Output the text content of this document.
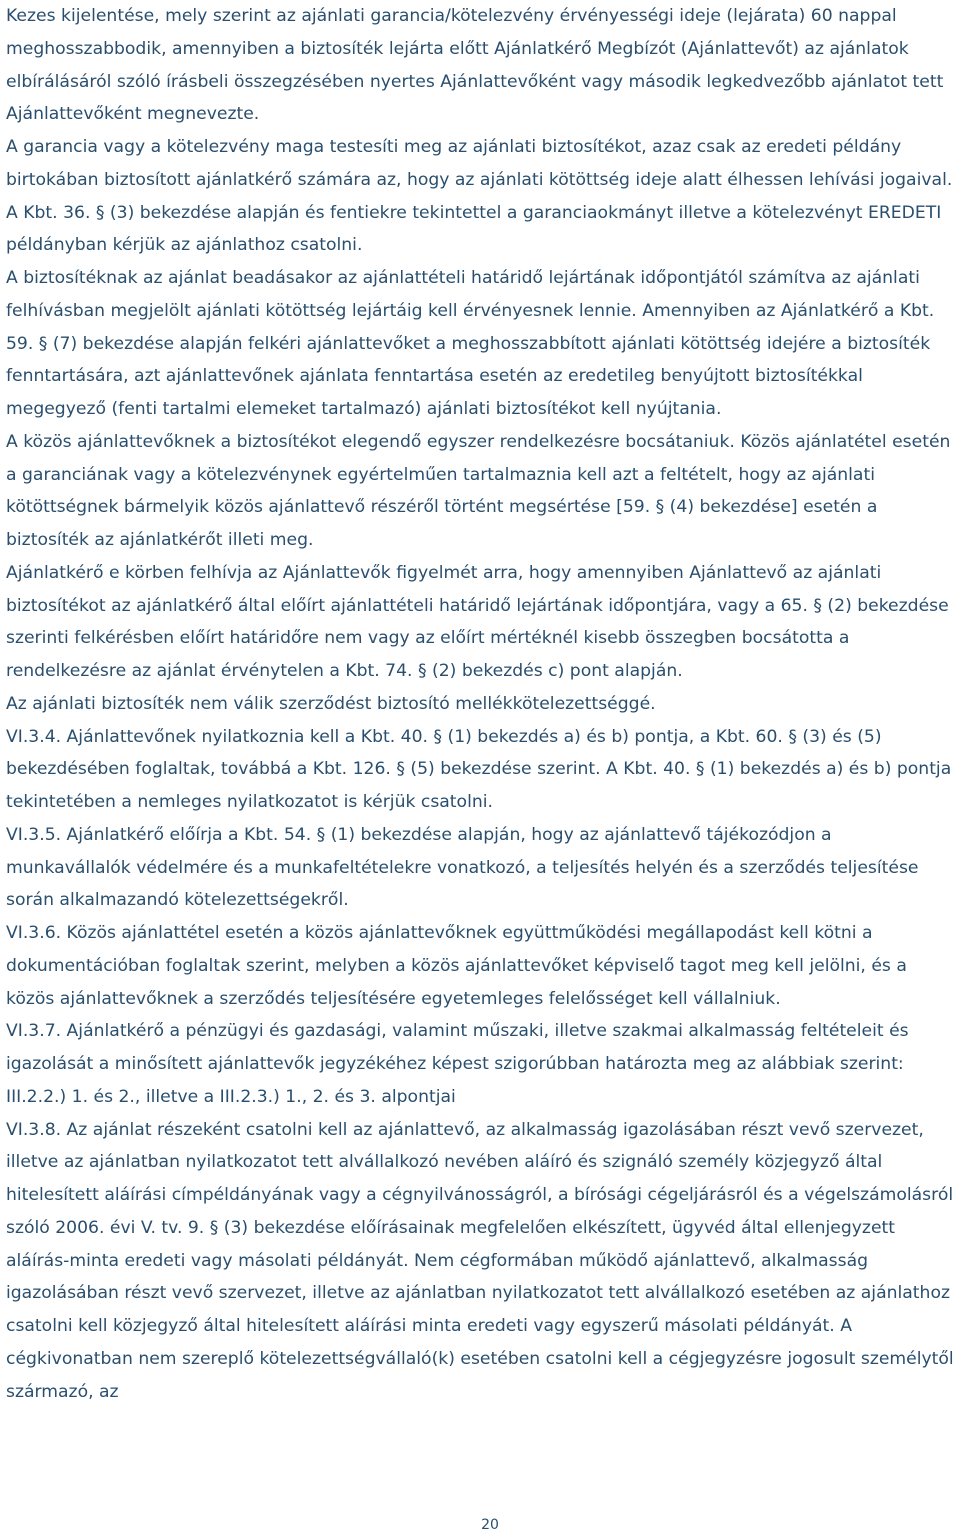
Kezes kijelentése, mely szerint az ajánlati garancia/kötelezvény érvényességi ideje (lejárata) 60 nappal meghosszabbodik, amennyiben a biztosíték lejárta előtt Ajánlatkérő Megbízót (Ajánlattevőt) az ajánlatok elbírálásáról szóló írásbeli összegzésében nyertes Ajánlattevőként vagy második legkedvezőbb ajánlatot tett Ajánlattevőként megnevezte.

A garancia vagy a kötelezvény maga testesíti meg az ajánlati biztosítékot, azaz csak az eredeti példány birtokában biztosított ajánlatkérő számára az, hogy az ajánlati kötöttség ideje alatt élhessen lehívási jogaival. A Kbt. 36. § (3) bekezdése alapján és fentiekre tekintettel a garanciaokmányt illetve a kötelezvényt EREDETI példányban kérjük az ajánlathoz csatolni.

A biztosítéknak az ajánlat beadásakor az ajánlattételi határidő lejártának időpontjától számítva az ajánlati felhívásban megjelölt ajánlati kötöttség lejártáig kell érvényesnek lennie. Amennyiben az Ajánlatkérő a Kbt. 59. § (7) bekezdése alapján felkéri ajánlattevőket a meghosszabbított ajánlati kötöttség idejére a biztosíték fenntartására, azt ajánlattevőnek ajánlata fenntartása esetén az eredetileg benyújtott biztosítékkal megegyező (fenti tartalmi elemeket tartalmazó) ajánlati biztosítékot kell nyújtania.

A közös ajánlattevőknek a biztosítékot elegendő egyszer rendelkezésre bocsátaniuk. Közös ajánlatétel esetén a garanciának vagy a kötelezvénynek egyértelműen tartalmaznia kell azt a feltételt, hogy az ajánlati kötöttségnek bármelyik közös ajánlattevő részéről történt megsértése [59. § (4) bekezdése] esetén a biztosíték az ajánlatkérőt illeti meg.

Ajánlatkérő e körben felhívja az Ajánlattevők figyelmét arra, hogy amennyiben Ajánlattevő az ajánlati biztosítékot az ajánlatkérő által előírt ajánlattételi határidő lejártának időpontjára, vagy a 65. § (2) bekezdése szerinti felkérésben előírt határidőre nem vagy az előírt mértéknél kisebb összegben bocsátotta a rendelkezésre az ajánlat érvénytelen a Kbt. 74. § (2) bekezdés c) pont alapján.

Az ajánlati biztosíték nem válik szerződést biztosító mellékkötelezettséggé.

VI.3.4. Ajánlattevőnek nyilatkoznia kell a Kbt. 40. § (1) bekezdés a) és b) pontja, a Kbt. 60. § (3) és (5) bekezdésében foglaltak, továbbá a Kbt. 126. § (5) bekezdése szerint. A Kbt. 40. § (1) bekezdés a) és b) pontja tekintetében a nemleges nyilatkozatot is kérjük csatolni.

VI.3.5. Ajánlatkérő előírja a Kbt. 54. § (1) bekezdése alapján, hogy az ajánlattevő tájékozódjon a munkavállalók védelmére és a munkafeltételekre vonatkozó, a teljesítés helyén és a szerződés teljesítése során alkalmazandó kötelezettségekről.

VI.3.6. Közös ajánlattétel esetén a közös ajánlattevőknek együttműködési megállapodást kell kötni a dokumentációban foglaltak szerint, melyben a közös ajánlattevőket képviselő tagot meg kell jelölni, és a közös ajánlattevőknek a szerződés teljesítésére egyetemleges felelősséget kell vállalniuk.

VI.3.7. Ajánlatkérő a pénzügyi és gazdasági, valamint műszaki, illetve szakmai alkalmasság feltételeit és igazolását a minősített ajánlattevők jegyzékéhez képest szigorúbban határozta meg az alábbiak szerint:

III.2.2.) 1. és 2., illetve a III.2.3.) 1., 2. és 3. alpontjai

VI.3.8. Az ajánlat részeként csatolni kell az ajánlattevő, az alkalmasság igazolásában részt vevő szervezet, illetve az ajánlatban nyilatkozatot tett alvállalkozó nevében aláíró és szignáló személy közjegyző által hitelesített aláírási címpéldányának vagy a cégnyilvánosságról, a bírósági cégeljárásról és a végelszámolásról szóló 2006. évi V. tv. 9. § (3) bekezdése előírásainak megfelelően elkészített, ügyvéd által ellenjegyzett aláírás-minta eredeti vagy másolati példányát. Nem cégformában működő ajánlattevő, alkalmasság igazolásában részt vevő szervezet, illetve az ajánlatban nyilatkozatot tett alvállalkozó esetében az ajánlathoz csatolni kell közjegyző által hitelesített aláírási minta eredeti vagy egyszerű másolati példányát. A cégkivonatban nem szereplő kötelezettségvállaló(k) esetében csatolni kell a cégjegyzésre jogosult személytől származó, az

20
